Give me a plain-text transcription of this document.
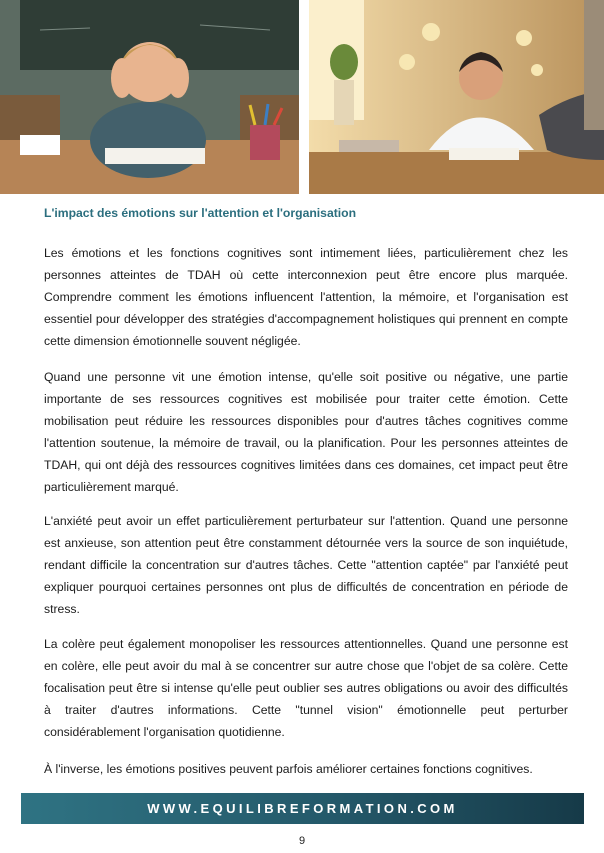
L'impact des émotions sur l'attention et l'organisation

Les émotions et les fonctions cognitives sont intimement liées, particulièrement chez les personnes atteintes de TDAH où cette interconnexion peut être encore plus marquée. Comprendre comment les émotions influencent l'attention, la mémoire, et l'organisation est essentiel pour développer des stratégies d'accompagnement holistiques qui prennent en compte cette dimension émotionnelle souvent négligée.

Quand une personne vit une émotion intense, qu'elle soit positive ou négative, une partie importante de ses ressources cognitives est mobilisée pour traiter cette émotion. Cette mobilisation peut réduire les ressources disponibles pour d'autres tâches cognitives comme l'attention soutenue, la mémoire de travail, ou la planification. Pour les personnes atteintes de TDAH, qui ont déjà des ressources cognitives limitées dans ces domaines, cet impact peut être particulièrement marqué.

L'anxiété peut avoir un effet particulièrement perturbateur sur l'attention. Quand une personne est anxieuse, son attention peut être constamment détournée vers la source de son inquiétude, rendant difficile la concentration sur d'autres tâches. Cette "attention captée" par l'anxiété peut expliquer pourquoi certaines personnes ont plus de difficultés de concentration en période de stress.

La colère peut également monopoliser les ressources attentionnelles. Quand une personne est en colère, elle peut avoir du mal à se concentrer sur autre chose que l'objet de sa colère. Cette focalisation peut être si intense qu'elle peut oublier ses autres obligations ou avoir des difficultés à traiter d'autres informations. Cette "tunnel vision" émotionnelle peut perturber considérablement l'organisation quotidienne.

À l'inverse, les émotions positives peuvent parfois améliorer certaines fonctions cognitives.

WWW.EQUILIBREFORMATION.COM
9
